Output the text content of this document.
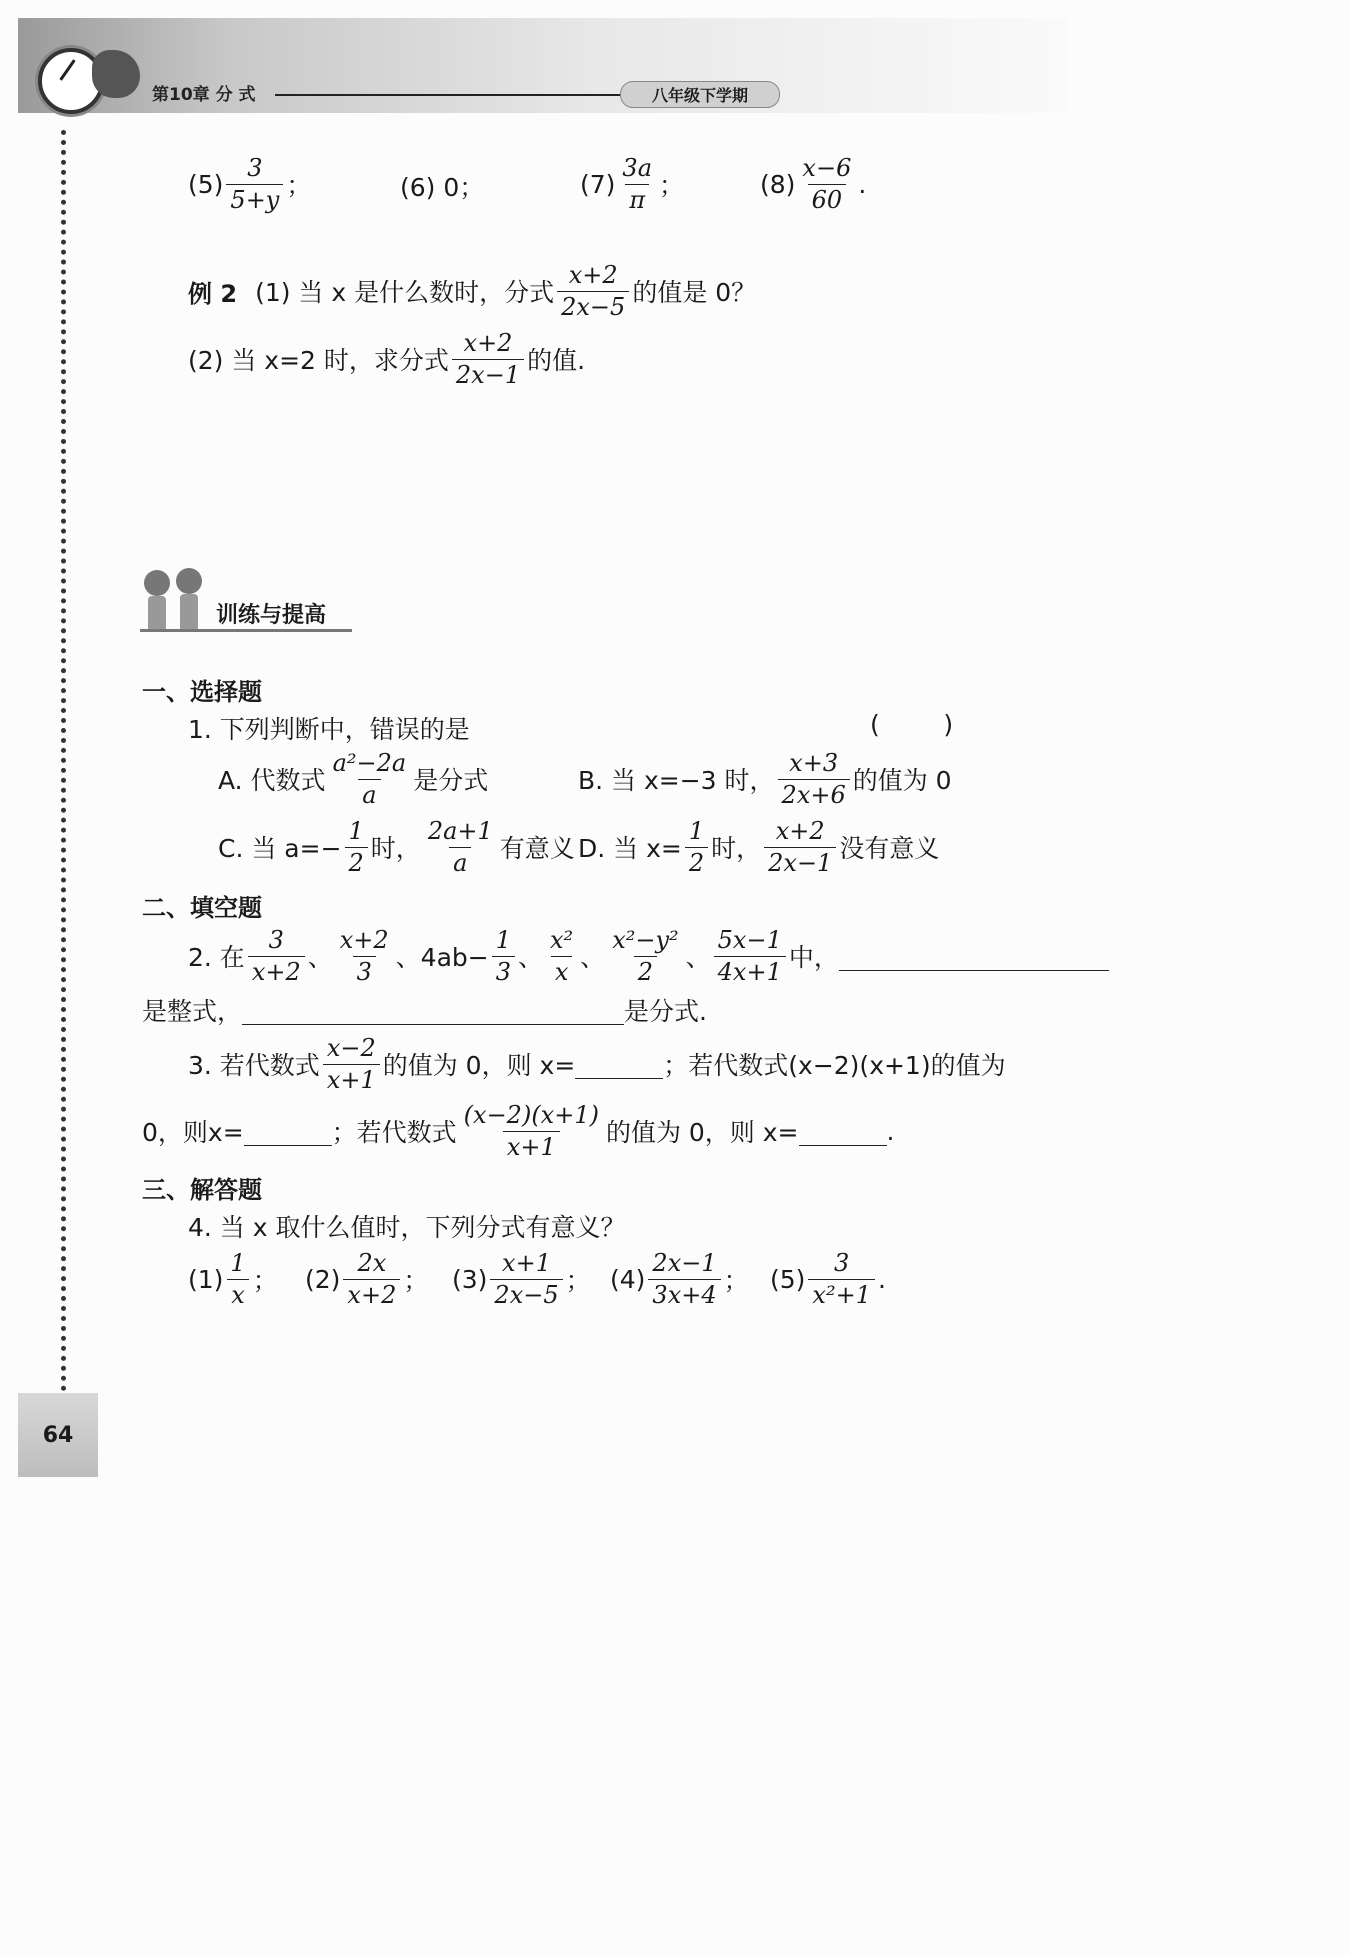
第10章 分 式	八年级下学期
$(5) \frac{3}{5+y}$ ；	(6) 0；	$(7) \frac{3a}{\pi}$ ；	$(8) \frac{x-6}{60}$ .
例 2 (1) 当 x 是什么数时，分式 $\frac{x+2}{2x-5}$ 的值是 0？
(2) 当 x=2 时，求分式 $\frac{x+2}{2x-1}$ 的值.
训练与提高
一、选择题
1. 下列判断中，错误的是	(        )
A. 代数式 $\frac{\text{a²−2a}}{a}$ 是分式	B. 当 x=−3 时， $\frac{x+3}{2x+6}$ 的值为 0
C. 当 $a=- \frac{1}{2}$ 时， $\frac{2a+1}{a}$ 有意义 D. 当 $x= \frac{1}{2}$ 时， $\frac{x+2}{2x-1}$ 没有意义
二、填空题
2. 在 $\frac{3}{x+2}$ 、 $\frac{x+2}{3}$ 、$4ab- \frac{1}{3}$ 、 $\frac{\text{x²}}{x}$ 、 $\frac{\text{x²−y²}}{2}$ 、 $\frac{5x-1}{4x+1}$ 中，
是整式，	是分式.
3. 若代数式 $\frac{x-2}{x+1}$ 的值为 0，则 x=	；若代数式(x−2)(x+1)的值为
0，则x=	；若代数式 $\frac{(x-2)(x+1)}{x+1}$ 的值为 0，则 x=	.
三、解答题
4. 当 x 取什么值时，下列分式有意义？
$(1) \frac{1}{x}$ ； $(2) \frac{2x}{x+2}$ ； $(3) \frac{x+1}{2x-5}$ ； $(4) \frac{2x-1}{3x+4}$ ； $(5) \frac{3}{\text{x²+1}}$ .
64
